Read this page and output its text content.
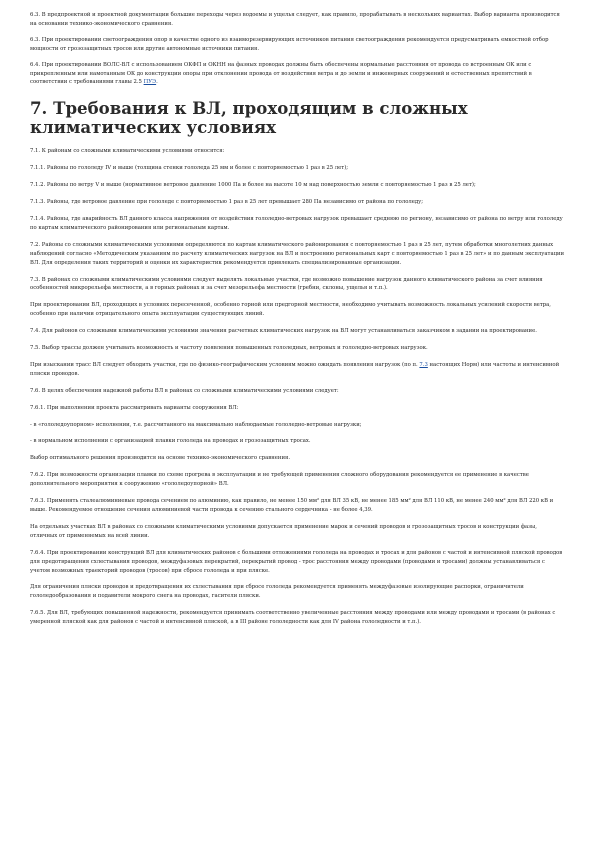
6.3. В предпроектной и проектной документации большие переходы через водоемы и ущелья следует, как правило, прорабатывать в нескольких вариантах. Выбор варианта производится на основании технико-экономического сравнения.

6.3. При проектировании светоограждения опор в качестве одного из взаиморезервирующих источников питания светоограждения рекомендуется предусматривать емкостной отбор мощности от грозозащитных тросов или другие автономные источники питания.

6.4. При проектировании ВОЛС-ВЛ с использованием ОКФП и ОКНН на фазных проводах должны быть обеспечены нормальные расстояния от провода со встроенным ОК или с прикрепленным или намотанным ОК до конструкции опоры при отклонении провода от воздействия ветра и до земли и инженерных сооружений и естественных препятствий в соответствии с требованиями главы 2.5 ПУЭ.

7. Требования к ВЛ, проходящим в сложных климатических условиях

7.1. К районам со сложными климатическими условиями относятся:

7.1.1. Районы по гололеду IV и выше (толщина стенки гололеда 25 мм и более с повторяемостью 1 раз в 25 лет);

7.1.2. Районы по ветру V и выше (нормативное ветровое давление 1000 Па и более на высоте 10 м над поверхностью земли с повторяемостью 1 раз в 25 лет);

7.1.3. Районы, где ветровое давление при гололеде с повторяемостью 1 раз в 25 лет превышает 280 Па независимо от района по гололеду;

7.1.4. Районы, где аварийность ВЛ данного класса напряжения от воздействия гололедно-ветровых нагрузок превышает среднюю по региону, независимо от района по ветру или гололеду по картам климатического районирования или региональным картам.

7.2. Районы со сложными климатическими условиями определяются по картам климатического районирования с повторяемостью 1 раз в 25 лет, путем обработки многолетних данных наблюдений согласно «Методическим указаниям по расчету климатических нагрузок на ВЛ и построению региональных карт с повторяемостью 1 раз в 25 лет» и по данным эксплуатации ВЛ. Для определения таких территорий и оценки их характеристик рекомендуется привлекать специализированные организации.

7.3. В районах со сложными климатическими условиями следует выделять локальные участки, где возможно повышение нагрузок данного климатического района за счет влияния особенностей микрорельефа местности, а в горных районах и за счет мезорельефа местности (гребни, склоны, ущелья и т.п.).

При проектировании ВЛ, проходящих в условиях пересеченной, особенно горной или предгорной местности, необходимо учитывать возможность локальных усилений скорости ветра, особенно при наличии отрицательного опыта эксплуатации существующих линий.

7.4. Для районов со сложными климатическими условиями значения расчетных климатических нагрузок на ВЛ могут устанавливаться заказчиком в задании на проектирование.

7.5. Выбор трассы должен учитывать возможность и частоту появления повышенных гололедных, ветровых и гололедно-ветровых нагрузок.

При изыскании трасс ВЛ следует обходить участки, где по физико-географическим условиям можно ожидать появления нагрузок (по п. 7.3 настоящих Норм) или частоты и интенсивной пляски проводов.

7.6. В целях обеспечения надежной работы ВЛ в районах со сложными климатическими условиями следует:

7.6.1. При выполнении проекта рассматривать варианты сооружения ВЛ:

- в «гололедоупорном» исполнении, т.е. рассчитанного на максимально наблюдаемые гололедно-ветровые нагрузки;

- в нормальном исполнении с организацией плавки гололеда на проводах и грозозащитных тросах.

Выбор оптимального решения производится на основе технико-экономического сравнения.

7.6.2. При возможности организации плавки по схеме прогрева в эксплуатации и не требующей применения сложного оборудования рекомендуется ее применение в качестве дополнительного мероприятия к сооружению «гололедоупорной» ВЛ.

7.6.3. Применять сталеалюминиевые провода сечением по алюминию, как правило, не менее 150 мм² для ВЛ 35 кВ, не менее 185 мм² для ВЛ 110 кВ, не менее 240 мм² для ВЛ 220 кВ и выше. Рекомендуемое отношение сечения алюминиевой части провода к сечению стального сердечника - не более 4,39.

На отдельных участках ВЛ в районах со сложными климатическими условиями допускается применение марок и сечений проводов и грозозащитных тросов и конструкции фазы, отличных от применяемых на всей линии.

7.6.4. При проектировании конструкций ВЛ для климатических районов с большими отложениями гололеда на проводах и тросах и для районов с частой и интенсивной пляской проводов для предотвращения схлестывания проводов, междуфазовых перекрытий, перекрытий провод - трос расстояния между проводами (проводами и тросами) должны устанавливаться с учетом возможных траекторий проводов (тросов) при сбросе гололеда и при пляске.

Для ограничения пляски проводов и предотвращения их схлестывания при сбросе гололеда рекомендуется применять междуфазовые изолирующие распорки, ограничители гололедообразования и подавители мокрого снега на проводах, гасители пляски.

7.6.5. Для ВЛ, требующих повышенной надежности, рекомендуется принимать соответственно увеличенные расстояния между проводами или между проводами и тросами (в районах с умеренной пляской как для районов с частой и интенсивной пляской, а в III районе гололедности как для IV района гололедности и т.п.).
